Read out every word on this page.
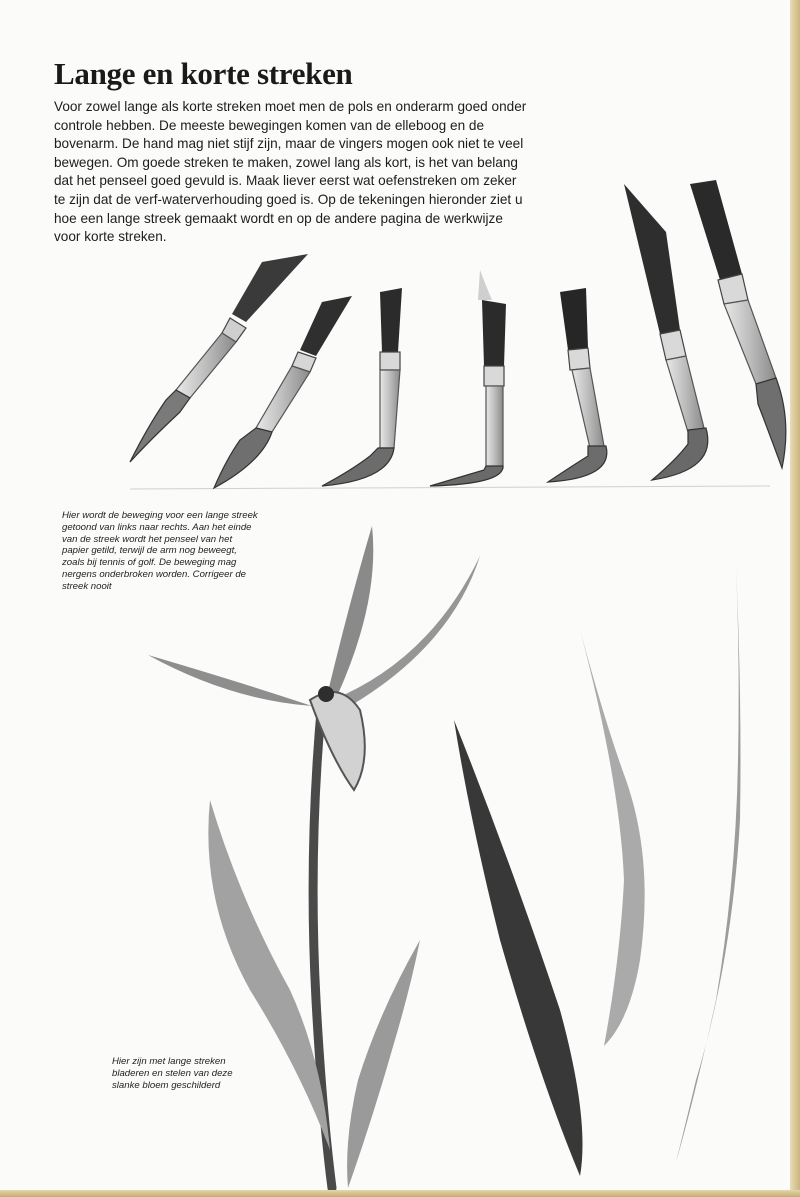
Lange en korte streken

Voor zowel lange als korte streken moet men de pols en onderarm goed onder
controle hebben. De meeste bewegingen komen van de elleboog en de
bovenarm. De hand mag niet stijf zijn, maar de vingers mogen ook niet te veel
bewegen. Om goede streken te maken, zowel lang als kort, is het van belang
dat het penseel goed gevuld is. Maak liever eerst wat oefenstreken om zeker
te zijn dat de verf-waterverhouding goed is. Op de tekeningen hieronder ziet u
hoe een lange streek gemaakt wordt en op de andere pagina de werkwijze
voor korte streken.

Hier wordt de beweging voor een lange streek
getoond van links naar rechts. Aan het einde
van de streek wordt het penseel van het
papier getild, terwijl de arm nog beweegt,
zoals bij tennis of golf. De beweging mag
nergens onderbroken worden. Corrigeer de
streek nooit

Hier zijn met lange streken
bladeren en stelen van deze
slanke bloem geschilderd
